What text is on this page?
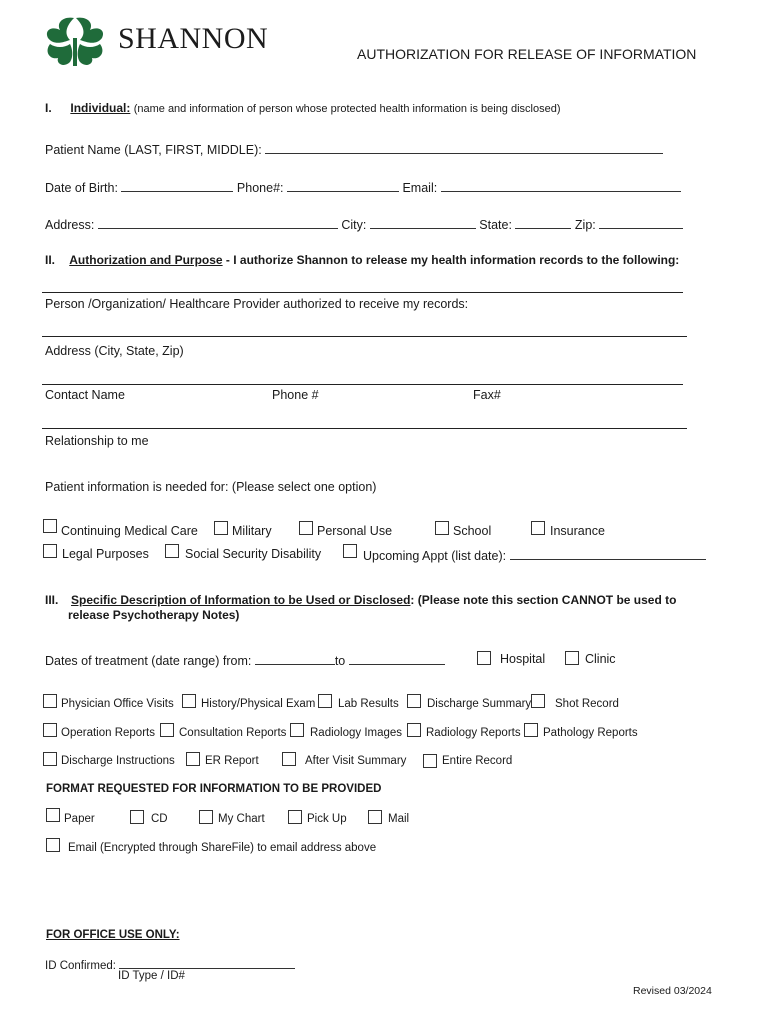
SHANNON	AUTHORIZATION FOR RELEASE OF INFORMATION
I. Individual: (name and information of person whose protected health information is being disclosed)
Patient Name (LAST, FIRST, MIDDLE):
Date of Birth:	Phone#:	Email:
Address:	City:	State:	Zip:
II. Authorization and Purpose - I authorize Shannon to release my health information records to the following:
Person /Organization/ Healthcare Provider authorized to receive my records:
Address (City, State, Zip)
Contact Name	Phone #	Fax#
Relationship to me
Patient information is needed for: (Please select one option)
Continuing Medical Care	Military	Personal Use	School	Insurance
Legal Purposes	Social Security Disability	Upcoming Appt (list date):
III. Specific Description of Information to be Used or Disclosed: (Please note this section CANNOT be used to
release Psychotherapy Notes)
Dates of treatment (date range) from:	to	Hospital	Clinic
Physician Office Visits History/Physical Exam Lab Results Discharge Summary Shot Record
Operation Reports Consultation Reports Radiology Images Radiology Reports Pathology Reports
Discharge Instructions	ER Report	After Visit Summary	Entire Record
FORMAT REQUESTED FOR INFORMATION TO BE PROVIDED
Paper	CD	My Chart	Pick Up	Mail
Email (Encrypted through ShareFile) to email address above
FOR OFFICE USE ONLY:
ID Confirmed:
ID Type / ID#
Revised 03/2024
